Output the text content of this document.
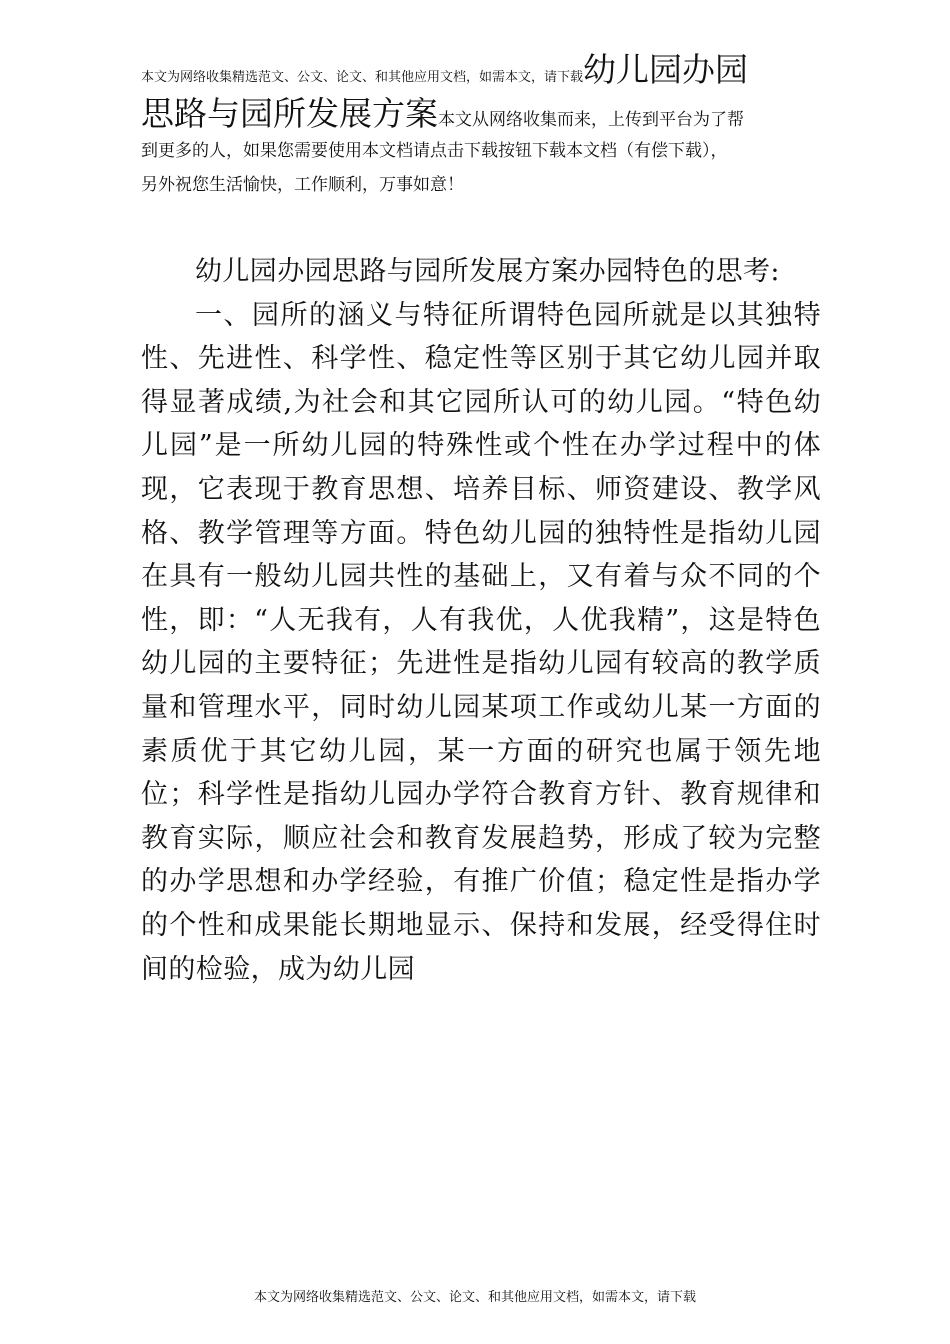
本文为网络收集精选范文、公文、论文、和其他应用文档，如需本文，请下载幼儿园办园
思路与园所发展方案本文从网络收集而来，上传到平台为了帮
到更多的人，如果您需要使用本文档请点击下载按钮下载本文档（有偿下载），
另外祝您生活愉快，工作顺利，万事如意！

幼儿园办园思路与园所发展方案办园特色的思考:

一、园所的涵义与特征所谓特色园所就是以其独特性、先进性、科学性、稳定性等区别于其它幼儿园并取得显著成绩,为社会和其它园所认可的幼儿园。“特色幼儿园”是一所幼儿园的特殊性或个性在办学过程中的体现，它表现于教育思想、培养目标、师资建设、教学风格、教学管理等方面。特色幼儿园的独特性是指幼儿园在具有一般幼儿园共性的基础上，又有着与众不同的个性，即：“人无我有，人有我优，人优我精”，这是特色幼儿园的主要特征；先进性是指幼儿园有较高的教学质量和管理水平，同时幼儿园某项工作或幼儿某一方面的素质优于其它幼儿园，某一方面的研究也属于领先地位；科学性是指幼儿园办学符合教育方针、教育规律和教育实际，顺应社会和教育发展趋势，形成了较为完整的办学思想和办学经验，有推广价值；稳定性是指办学的个性和成果能长期地显示、保持和发展，经受得住时间的检验，成为幼儿园

本文为网络收集精选范文、公文、论文、和其他应用文档，如需本文，请下载
